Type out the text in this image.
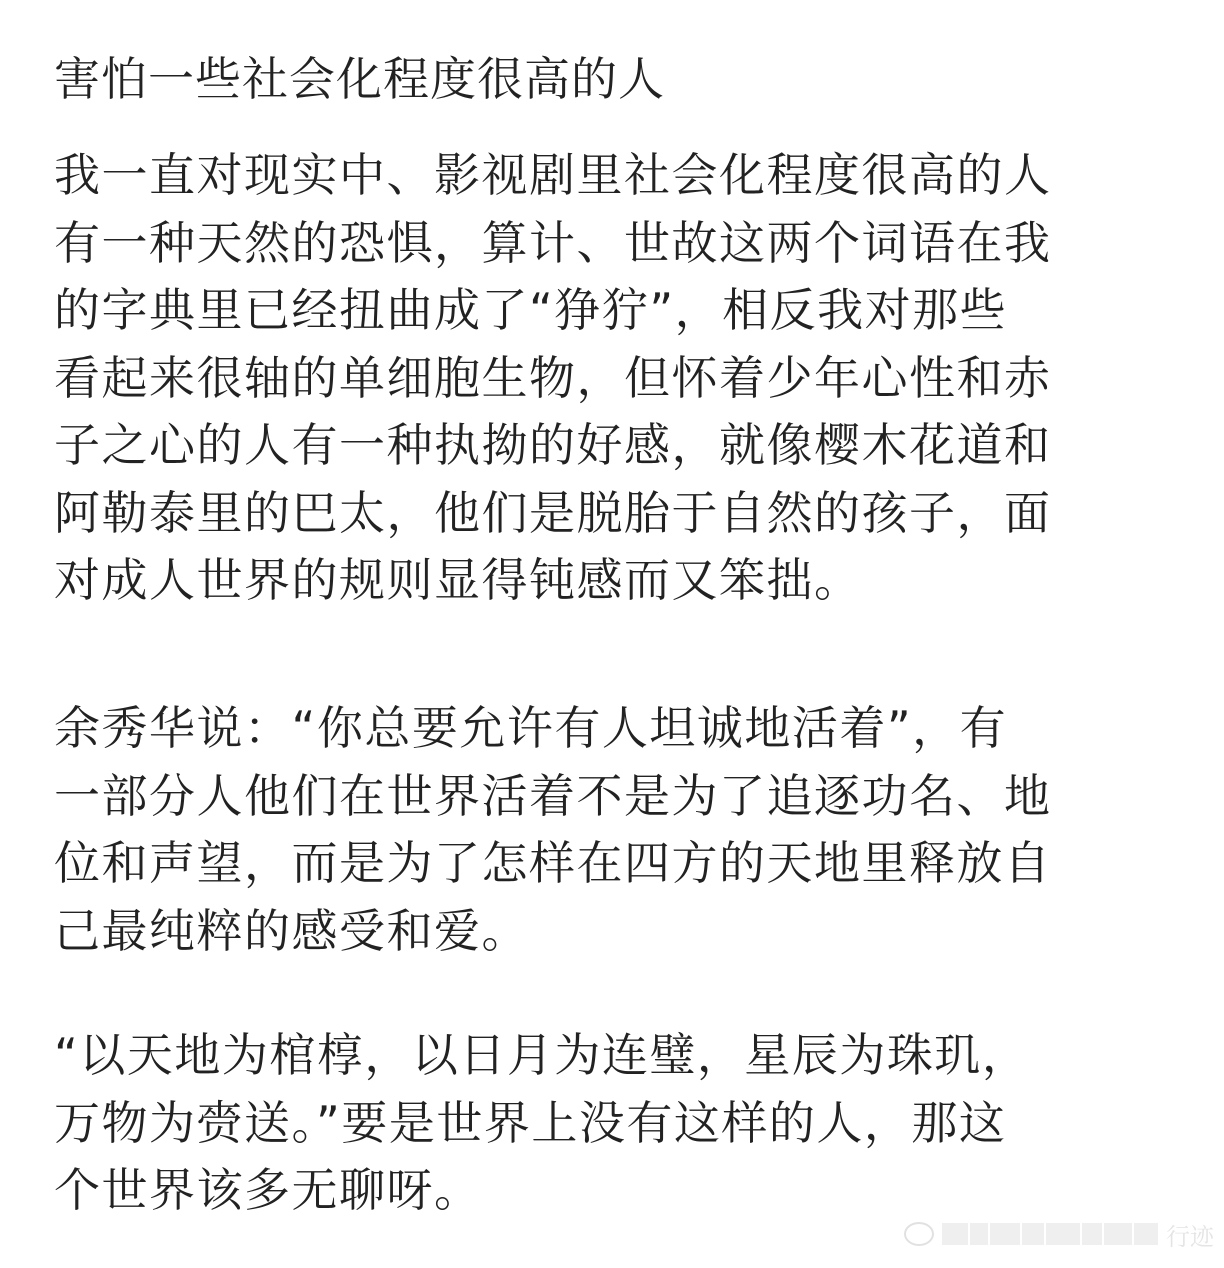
害怕一些社会化程度很高的人
我一直对现实中、影视剧里社会化程度很高的人
有一种天然的恐惧，算计、世故这两个词语在我
的字典里已经扭曲成了“狰狞”，相反我对那些
看起来很轴的单细胞生物，但怀着少年心性和赤
子之心的人有一种执拗的好感，就像樱木花道和
阿勒泰里的巴太，他们是脱胎于自然的孩子，面
对成人世界的规则显得钝感而又笨拙。
余秀华说：“你总要允许有人坦诚地活着”，有
一部分人他们在世界活着不是为了追逐功名、地
位和声望，而是为了怎样在四方的天地里释放自
己最纯粹的感受和爱。
“以天地为棺椁，以日月为连璧，星辰为珠玑，
万物为赍送。”要是世界上没有这样的人，那这
个世界该多无聊呀。
行迹
